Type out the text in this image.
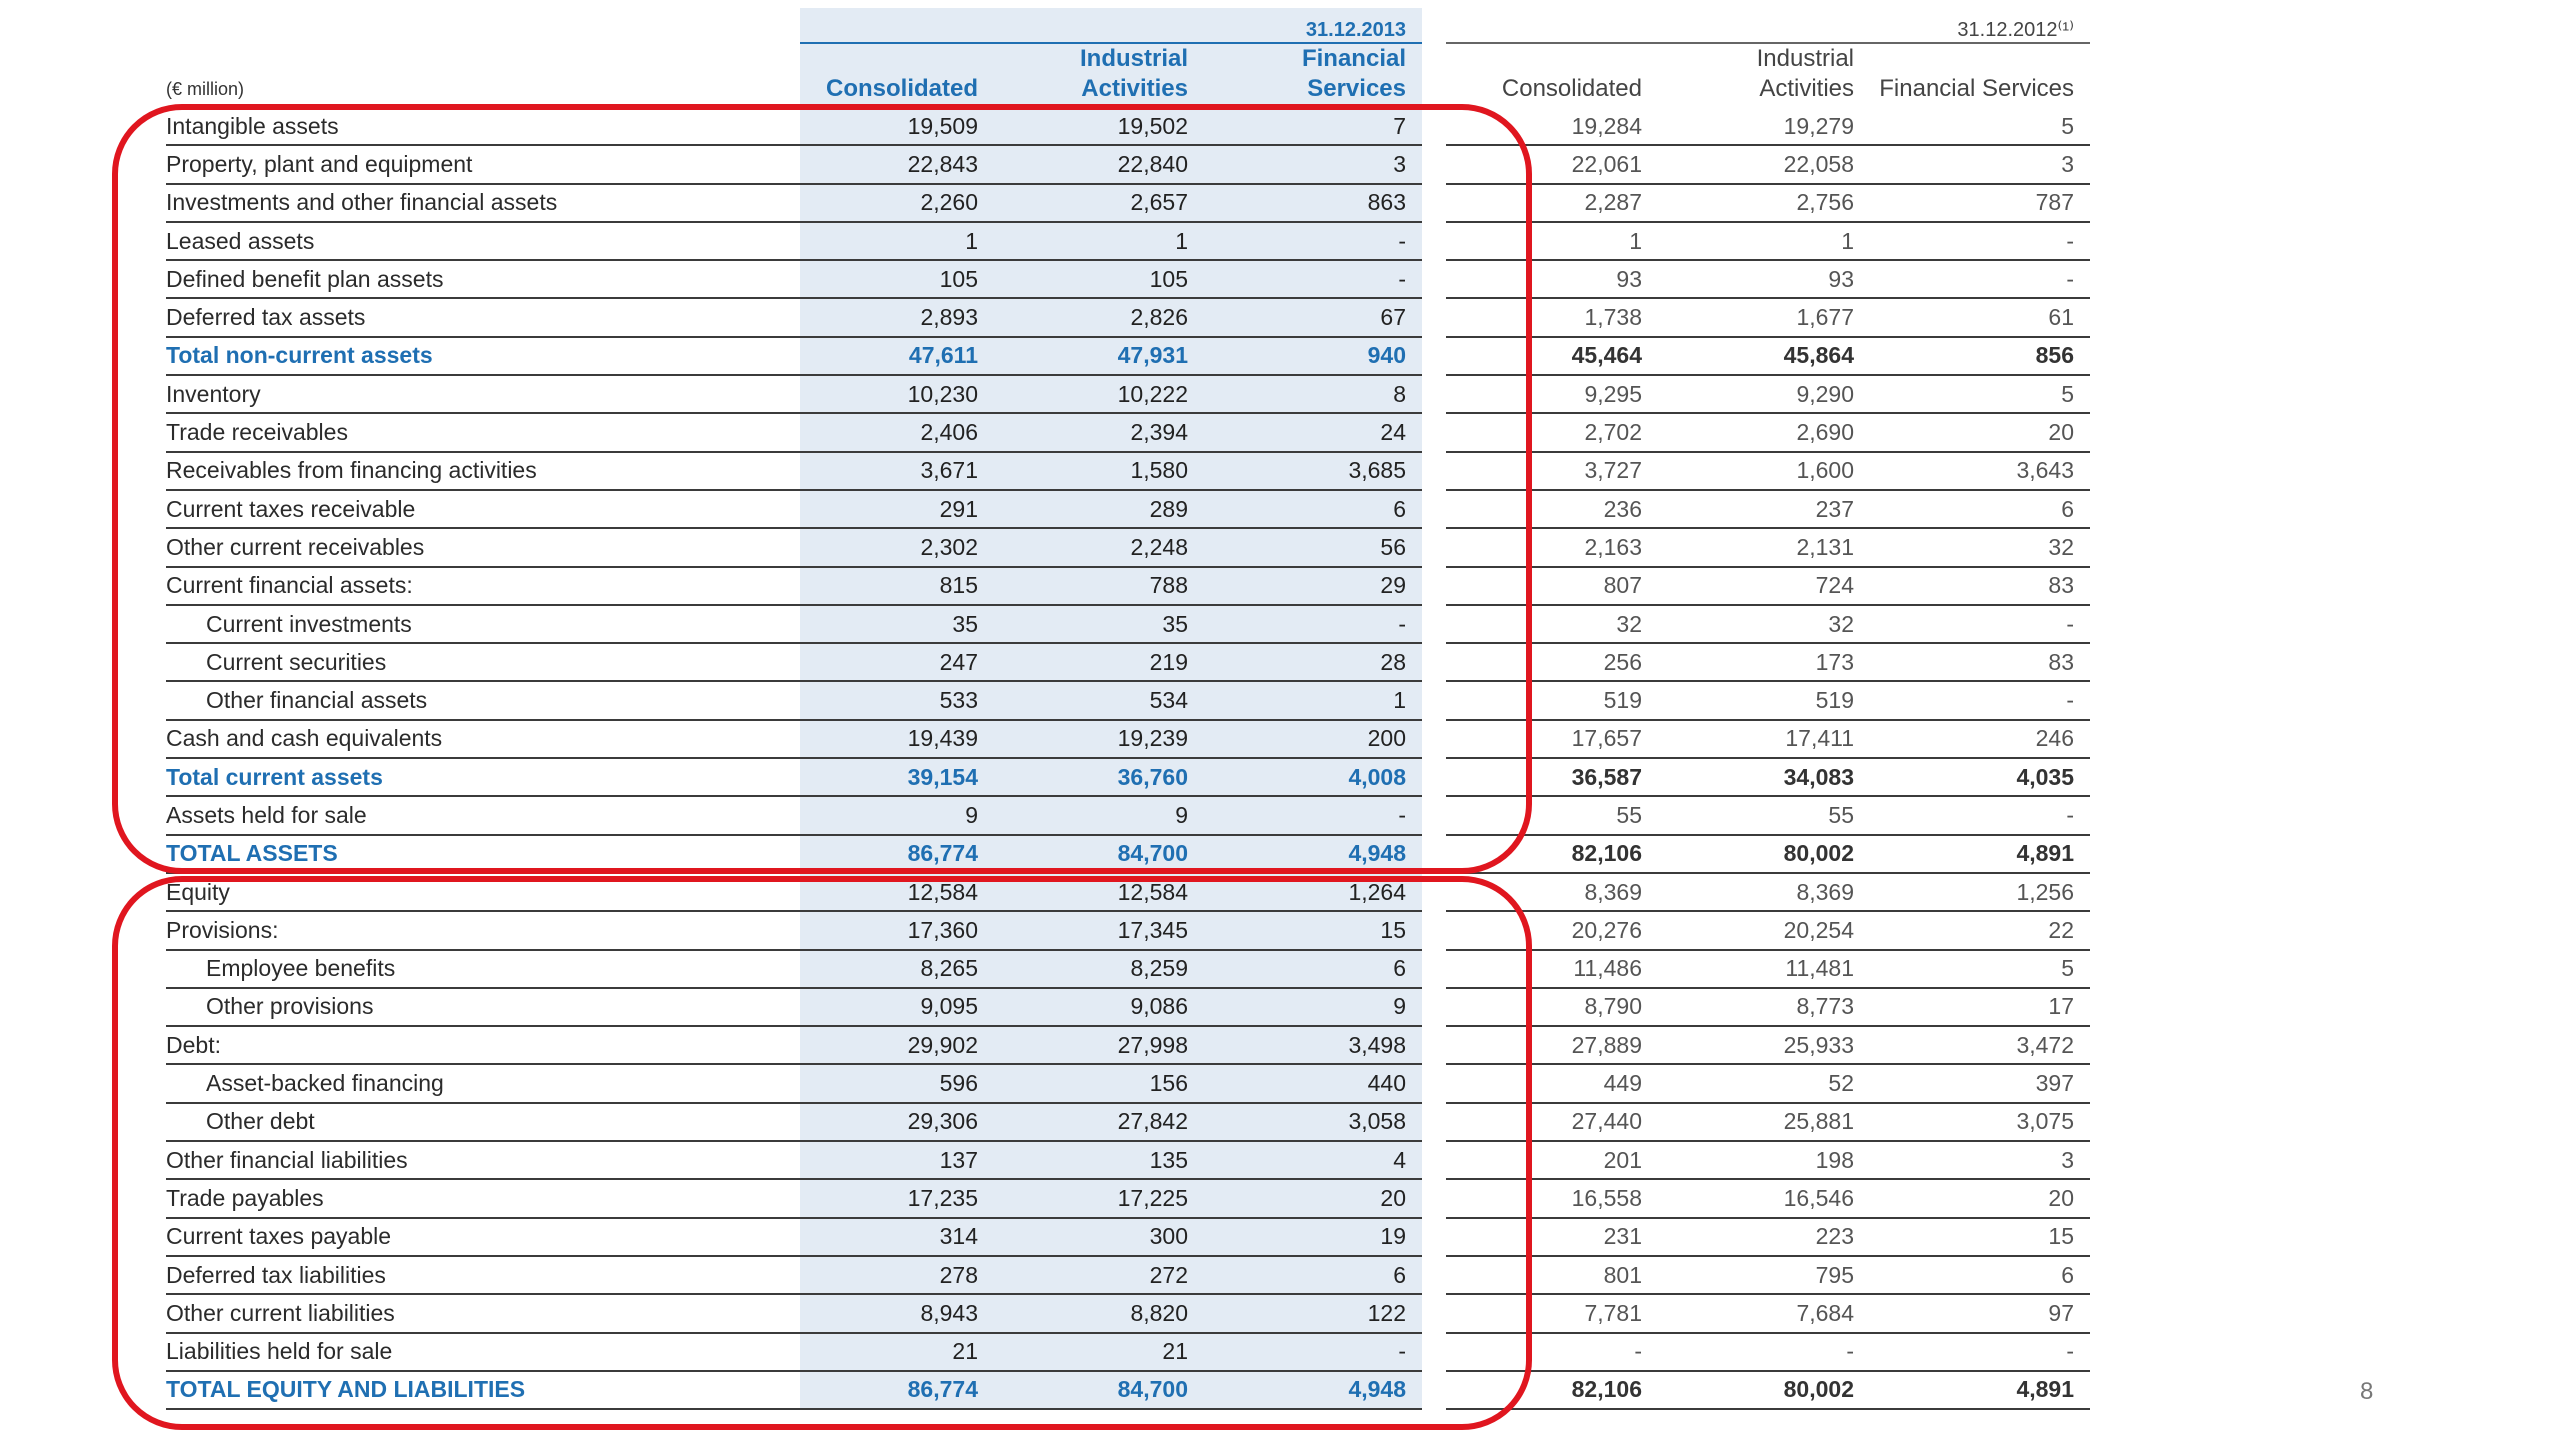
			31.12.2013				31.12.2012⁽¹⁾
(€ million)	Consolidated	Industrial Activities	Financial Services		Consolidated	Industrial Activities	Financial Services
Intangible assets	19,509	19,502	7		19,284	19,279	5
Property, plant and equipment	22,843	22,840	3		22,061	22,058	3
Investments and other financial assets	2,260	2,657	863		2,287	2,756	787
Leased assets	1	1	-		1	1	-
Defined benefit plan assets	105	105	-		93	93	-
Deferred tax assets	2,893	2,826	67		1,738	1,677	61
Total non-current assets	47,611	47,931	940		45,464	45,864	856
Inventory	10,230	10,222	8		9,295	9,290	5
Trade receivables	2,406	2,394	24		2,702	2,690	20
Receivables from financing activities	3,671	1,580	3,685		3,727	1,600	3,643
Current taxes receivable	291	289	6		236	237	6
Other current receivables	2,302	2,248	56		2,163	2,131	32
Current financial assets:	815	788	29		807	724	83
Current investments	35	35	-		32	32	-
Current securities	247	219	28		256	173	83
Other financial assets	533	534	1		519	519	-
Cash and cash equivalents	19,439	19,239	200		17,657	17,411	246
Total current assets	39,154	36,760	4,008		36,587	34,083	4,035
Assets held for sale	9	9	-		55	55	-
TOTAL ASSETS	86,774	84,700	4,948		82,106	80,002	4,891
Equity	12,584	12,584	1,264		8,369	8,369	1,256
Provisions:	17,360	17,345	15		20,276	20,254	22
Employee benefits	8,265	8,259	6		11,486	11,481	5
Other provisions	9,095	9,086	9		8,790	8,773	17
Debt:	29,902	27,998	3,498		27,889	25,933	3,472
Asset-backed financing	596	156	440		449	52	397
Other debt	29,306	27,842	3,058		27,440	25,881	3,075
Other financial liabilities	137	135	4		201	198	3
Trade payables	17,235	17,225	20		16,558	16,546	20
Current taxes payable	314	300	19		231	223	15
Deferred tax liabilities	278	272	6		801	795	6
Other current liabilities	8,943	8,820	122		7,781	7,684	97
Liabilities held for sale	21	21	-		-	-	-
TOTAL EQUITY AND LIABILITIES	86,774	84,700	4,948		82,106	80,002	4,891	8
